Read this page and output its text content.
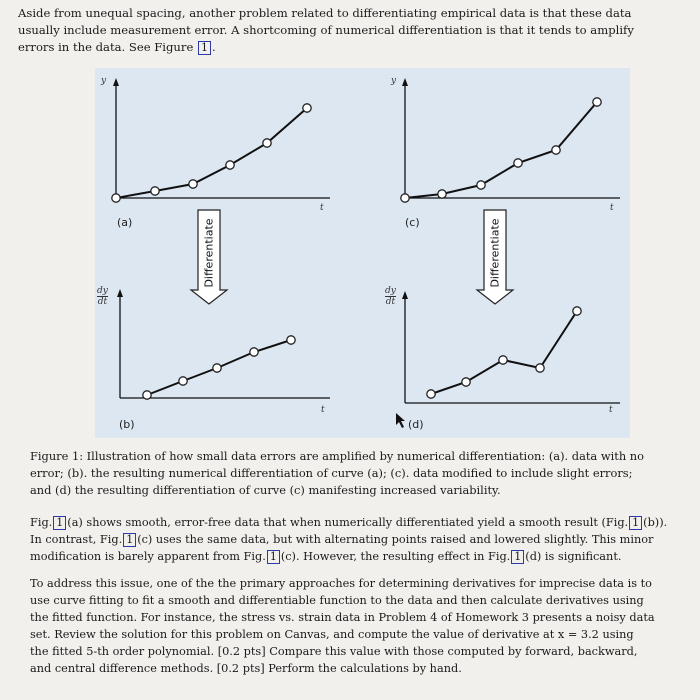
Aside from unequal spacing, another problem related to differentiating empirical data is that these data
usually include measurement error. A shortcoming of numerical differentiation is that it tends to amplify
errors in the data. See Figure 1 .
(a)	(c)
(b)	(d)
y
t
y
t
dy
dt
t
dy
dt
t
Differentiate	Differentiate
Figure 1: Illustration of how small data errors are amplified by numerical differentiation: (a). data with no
error; (b). the resulting numerical differentiation of curve (a); (c). data modified to include slight errors;
and (d) the resulting differentiation of curve (c) manifesting increased variability.
Fig. 1 (a) shows smooth, error-free data that when numerically differentiated yield a smooth result (Fig. 1 (b)).
In contrast, Fig. 1 (c) uses the same data, but with alternating points raised and lowered slightly. This minor
modification is barely apparent from Fig. 1 (c). However, the resulting effect in Fig. 1 (d) is significant.
To address this issue, one of the the primary approaches for determining derivatives for imprecise data is to
use curve fitting to fit a smooth and differentiable function to the data and then calculate derivatives using
the fitted function. For instance, the stress vs. strain data in Problem 4 of Homework 3 presents a noisy data
set. Review the solution for this problem on Canvas, and compute the value of derivative at x = 3.2 using
the fitted 5-th order polynomial. [0.2 pts] Compare this value with those computed by forward, backward,
and central difference methods. [0.2 pts] Perform the calculations by hand.
